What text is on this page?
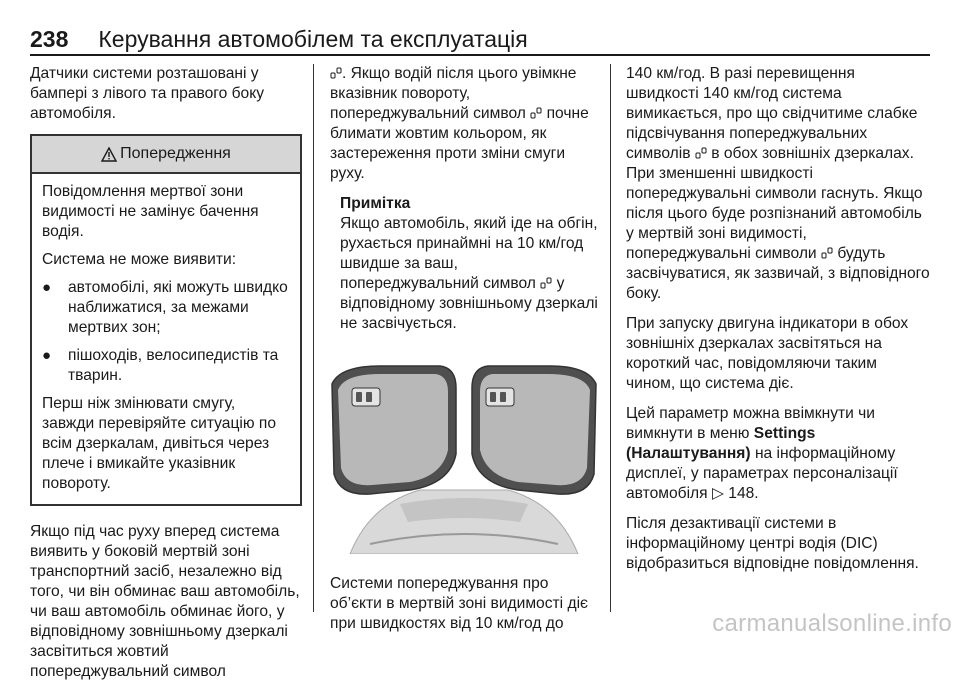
238 Керування автомобілем та експлуатація

Датчики системи розташовані у бампері з лівого та правого боку автомобіля.

Попередження

Повідомлення мертвої зони видимості не замінує бачення водія.

Система не може виявити:

●	автомобілі, які можуть швидко наближатися, за межами мертвих зон;
●	пішоходів, велосипедистів та тварин.

Перш ніж змінювати смугу, завжди перевіряйте ситуацію по всім дзеркалам, дивіться через плече і вмикайте указівник повороту.

Якщо під час руху вперед система виявить у боковій мертвій зоні транспортний засіб, незалежно від того, чи він обминає ваш автомобіль, чи ваш автомобіль обминає його, у відповідному зовнішньому дзеркалі засвітиться жовтий попереджувальний символ

. Якщо водій після цього увімкне вказівник повороту, попереджувальний символ почне блимати жовтим кольором, як застереження проти зміни смуги руху.

Примітка
Якщо автомобіль, який іде на обгін, рухається принаймні на 10 км/год швидше за ваш, попереджувальний символ у відповідному зовнішньому дзеркалі не засвічується.

Системи попереджування про об’єкти в мертвій зоні видимості діє при швидкостях від 10 км/год до

140 км/год. В разі перевищення швидкості 140 км/год система вимикається, про що свідчитиме слабке підсвічування попереджувальних символів в обох зовнішніх дзеркалах. При зменшенні швидкості попереджувальні символи гаснуть. Якщо після цього буде розпізнаний автомобіль у мертвій зоні видимості, попереджувальні символи будуть засвічуватися, як зазвичай, з відповідного боку.

При запуску двигуна індикатори в обох зовнішніх дзеркалах засвітяться на короткий час, повідомляючи таким чином, що система діє.

Цей параметр можна ввімкнути чи вимкнути в меню Settings (Налаштування) на інформаційному дисплеї, у параметрах персоналізації автомобіля ▷ 148.

Після дезактивації системи в інформаційному центрі водія (DIC) відобразиться відповідне повідомлення.

carmanualsonline.info
